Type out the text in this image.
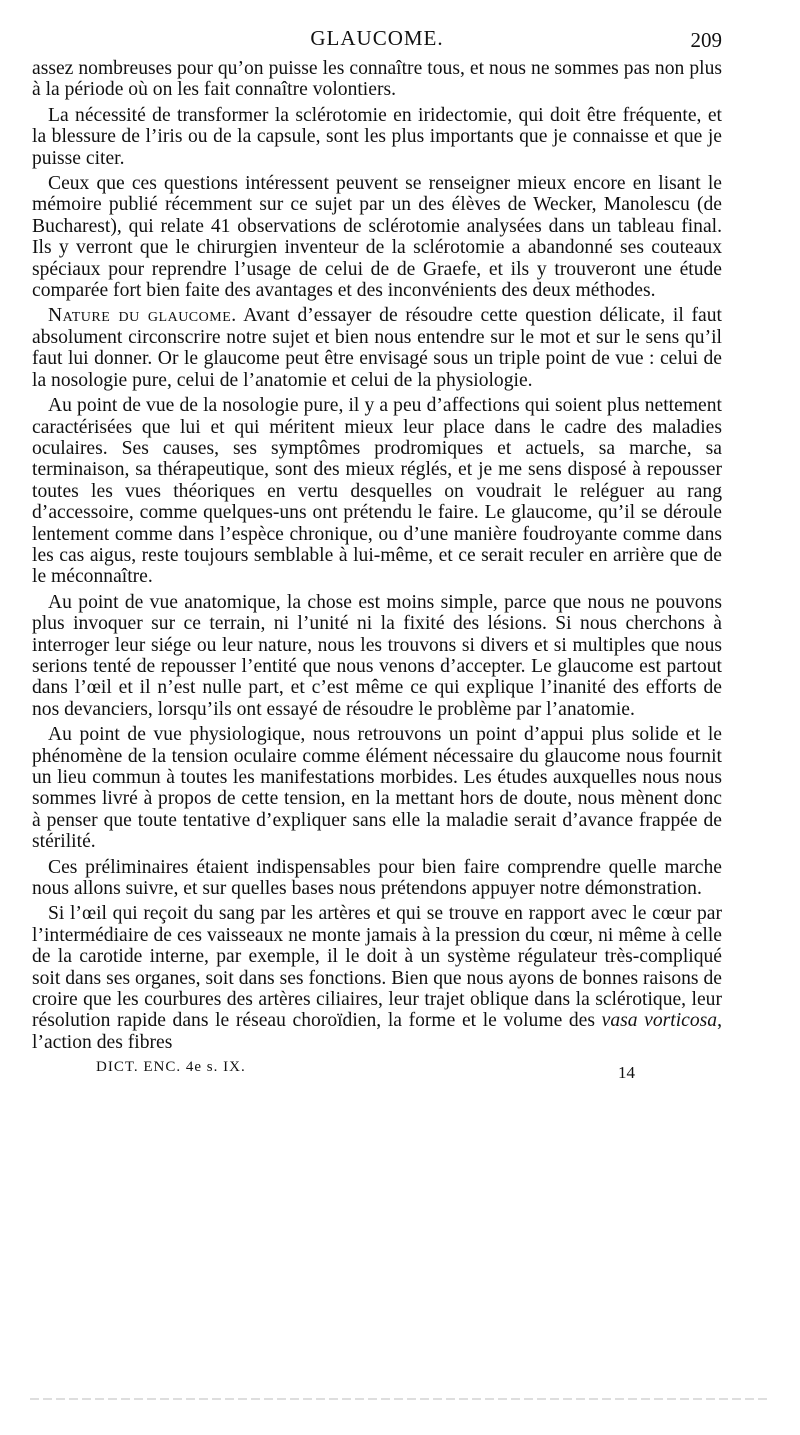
GLAUCOME.	209

assez nombreuses pour qu’on puisse les connaître tous, et nous ne sommes pas non plus à la période où on les fait connaître volontiers.

La nécessité de transformer la sclérotomie en iridectomie, qui doit être fréquente, et la blessure de l’iris ou de la capsule, sont les plus importants que je connaisse et que je puisse citer.

Ceux que ces questions intéressent peuvent se renseigner mieux encore en lisant le mémoire publié récemment sur ce sujet par un des élèves de Wecker, Manolescu (de Bucharest), qui relate 41 observations de sclérotomie analysées dans un tableau final. Ils y verront que le chirurgien inventeur de la sclérotomie a abandonné ses couteaux spéciaux pour reprendre l’usage de celui de de Graefe, et ils y trouveront une étude comparée fort bien faite des avantages et des inconvénients des deux méthodes.

Nature du glaucome. Avant d’essayer de résoudre cette question délicate, il faut absolument circonscrire notre sujet et bien nous entendre sur le mot et sur le sens qu’il faut lui donner. Or le glaucome peut être envisagé sous un triple point de vue : celui de la nosologie pure, celui de l’anatomie et celui de la physiologie.

Au point de vue de la nosologie pure, il y a peu d’affections qui soient plus nettement caractérisées que lui et qui méritent mieux leur place dans le cadre des maladies oculaires. Ses causes, ses symptômes prodromiques et actuels, sa marche, sa terminaison, sa thérapeutique, sont des mieux réglés, et je me sens disposé à repousser toutes les vues théoriques en vertu desquelles on voudrait le reléguer au rang d’accessoire, comme quelques-uns ont prétendu le faire. Le glaucome, qu’il se déroule lentement comme dans l’espèce chronique, ou d’une manière foudroyante comme dans les cas aigus, reste toujours semblable à lui-même, et ce serait reculer en arrière que de le méconnaître.

Au point de vue anatomique, la chose est moins simple, parce que nous ne pouvons plus invoquer sur ce terrain, ni l’unité ni la fixité des lésions. Si nous cherchons à interroger leur siége ou leur nature, nous les trouvons si divers et si multiples que nous serions tenté de repousser l’entité que nous venons d’accepter. Le glaucome est partout dans l’œil et il n’est nulle part, et c’est même ce qui explique l’inanité des efforts de nos devanciers, lorsqu’ils ont essayé de résoudre le problème par l’anatomie.

Au point de vue physiologique, nous retrouvons un point d’appui plus solide et le phénomène de la tension oculaire comme élément nécessaire du glaucome nous fournit un lieu commun à toutes les manifestations morbides. Les études auxquelles nous nous sommes livré à propos de cette tension, en la mettant hors de doute, nous mènent donc à penser que toute tentative d’expliquer sans elle la maladie serait d’avance frappée de stérilité.

Ces préliminaires étaient indispensables pour bien faire comprendre quelle marche nous allons suivre, et sur quelles bases nous prétendons appuyer notre démonstration.

Si l’œil qui reçoit du sang par les artères et qui se trouve en rapport avec le cœur par l’intermédiaire de ces vaisseaux ne monte jamais à la pression du cœur, ni même à celle de la carotide interne, par exemple, il le doit à un système régulateur très-compliqué soit dans ses organes, soit dans ses fonctions. Bien que nous ayons de bonnes raisons de croire que les courbures des artères ciliaires, leur trajet oblique dans la sclérotique, leur résolution rapide dans le réseau choroïdien, la forme et le volume des vasa vorticosa, l’action des fibres

DICT. ENC. 4e s. IX.	14
